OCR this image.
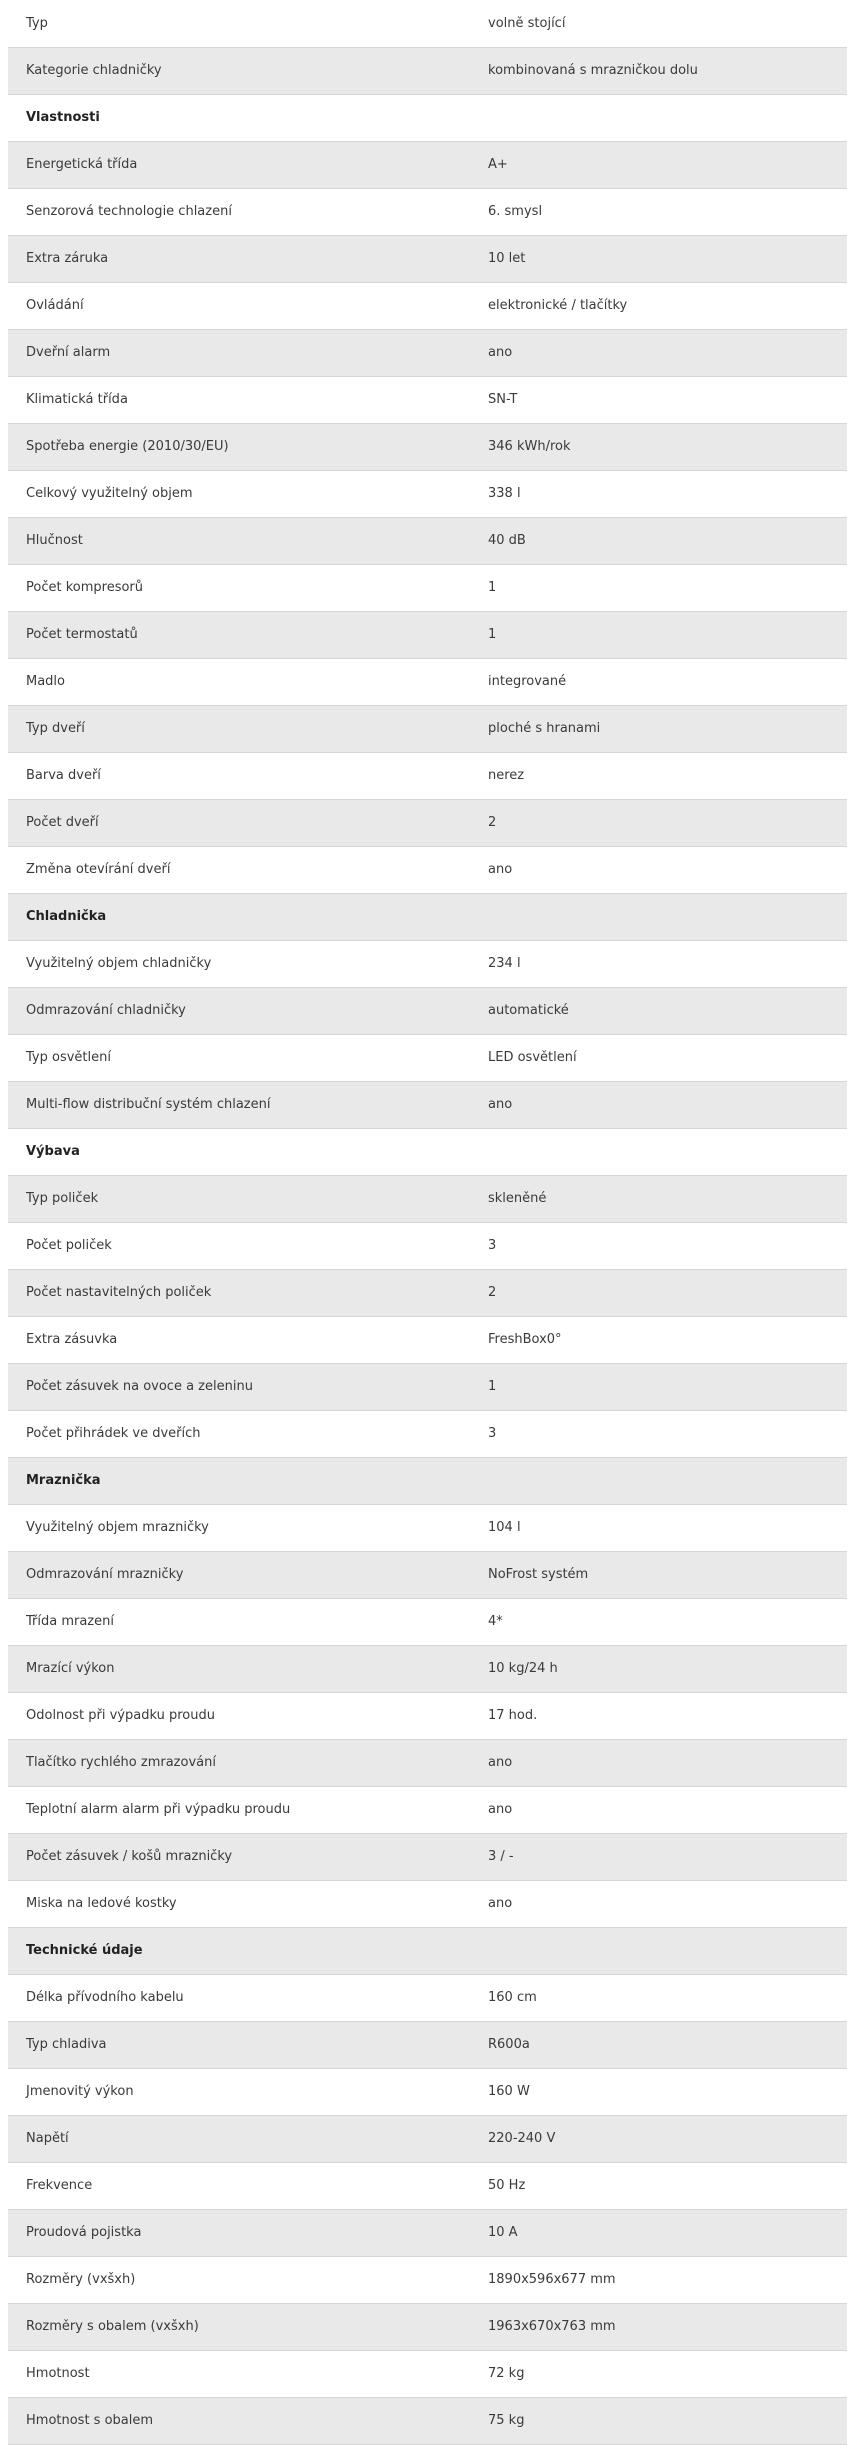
Typ	volně stojící
Kategorie chladničky	kombinovaná s mrazničkou dolu
Vlastnosti	
Energetická třída	A+
Senzorová technologie chlazení	6. smysl
Extra záruka	10 let
Ovládání	elektronické / tlačítky
Dveřní alarm	ano
Klimatická třída	SN-T
Spotřeba energie (2010/30/EU)	346 kWh/rok
Celkový využitelný objem	338 l
Hlučnost	40 dB
Počet kompresorů	1
Počet termostatů	1
Madlo	integrované
Typ dveří	ploché s hranami
Barva dveří	nerez
Počet dveří	2
Změna otevírání dveří	ano
Chladnička	
Využitelný objem chladničky	234 l
Odmrazování chladničky	automatické
Typ osvětlení	LED osvětlení
Multi-flow distribuční systém chlazení	ano
Výbava	
Typ poliček	skleněné
Počet poliček	3
Počet nastavitelných poliček	2
Extra zásuvka	FreshBox0°
Počet zásuvek na ovoce a zeleninu	1
Počet přihrádek ve dveřích	3
Mraznička	
Využitelný objem mrazničky	104 l
Odmrazování mrazničky	NoFrost systém
Třída mrazení	4*
Mrazící výkon	10 kg/24 h
Odolnost při výpadku proudu	17 hod.
Tlačítko rychlého zmrazování	ano
Teplotní alarm alarm při výpadku proudu	ano
Počet zásuvek / košů mrazničky	3 / -
Miska na ledové kostky	ano
Technické údaje	
Délka přívodního kabelu	160 cm
Typ chladiva	R600a
Jmenovitý výkon	160 W
Napětí	220-240 V
Frekvence	50 Hz
Proudová pojistka	10 A
Rozměry (vxšxh)	1890x596x677 mm
Rozměry s obalem (vxšxh)	1963x670x763 mm
Hmotnost	72 kg
Hmotnost s obalem	75 kg
